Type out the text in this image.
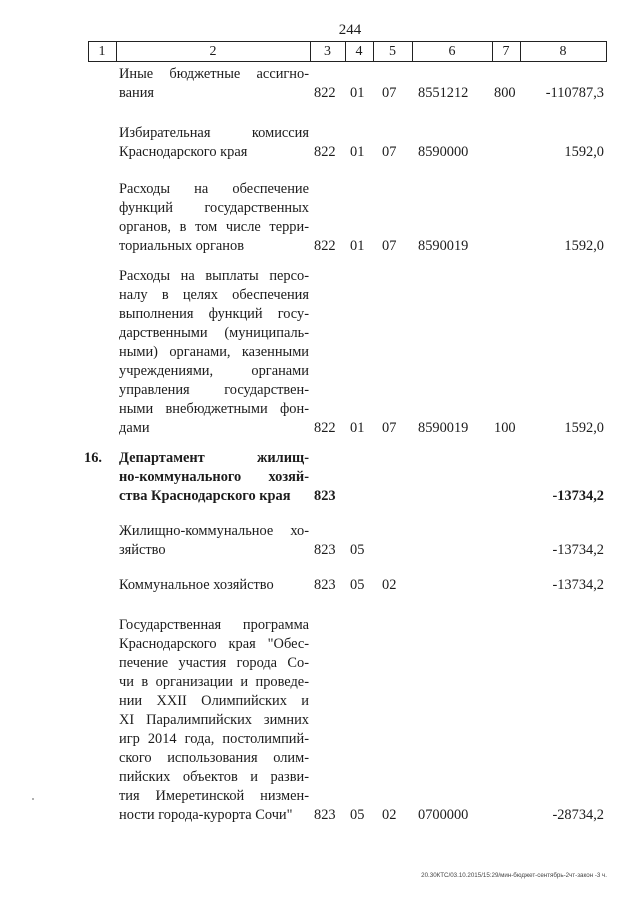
244
1	2	3	4	5	6	7	8
Иные бюджетные ассигно-
вания	822 01 07 8551212 800 -110787,3
Избирательная комиссия
Краснодарского края	822 01 07 8590000	1592,0
Расходы на обеспечение
функций государственных
органов, в том числе терри-
ториальных органов	822 01 07 8590019	1592,0
Расходы на выплаты персо-
налу в целях обеспечения
выполнения функций госу-
дарственными (муниципаль-
ными) органами, казенными
учреждениями, органами
управления государствен-
ными внебюджетными фон-
дами	822 01 07 8590019 100	1592,0
16.	Департамент жилищ-
но-коммунального хозяй-
ства Краснодарского края	823	-13734,2
Жилищно-коммунальное хо-
зяйство	823 05	-13734,2
Коммунальное хозяйство	823 05 02	-13734,2
Государственная программа
Краснодарского края "Обес-
печение участия города Со-
чи в организации и проведе-
нии XXII Олимпийских и
XI Паралимпийских зимних
игр 2014 года, постолимпий-
ского использования олим-
пийских объектов и разви-
тия Имеретинской низмен-
ности города-курорта Сочи"	823 05 02 0700000	-28734,2
20.30КТС/03.10.2015/15:29/мин-бюджет-сентябрь-2чт-закон -3 ч.
